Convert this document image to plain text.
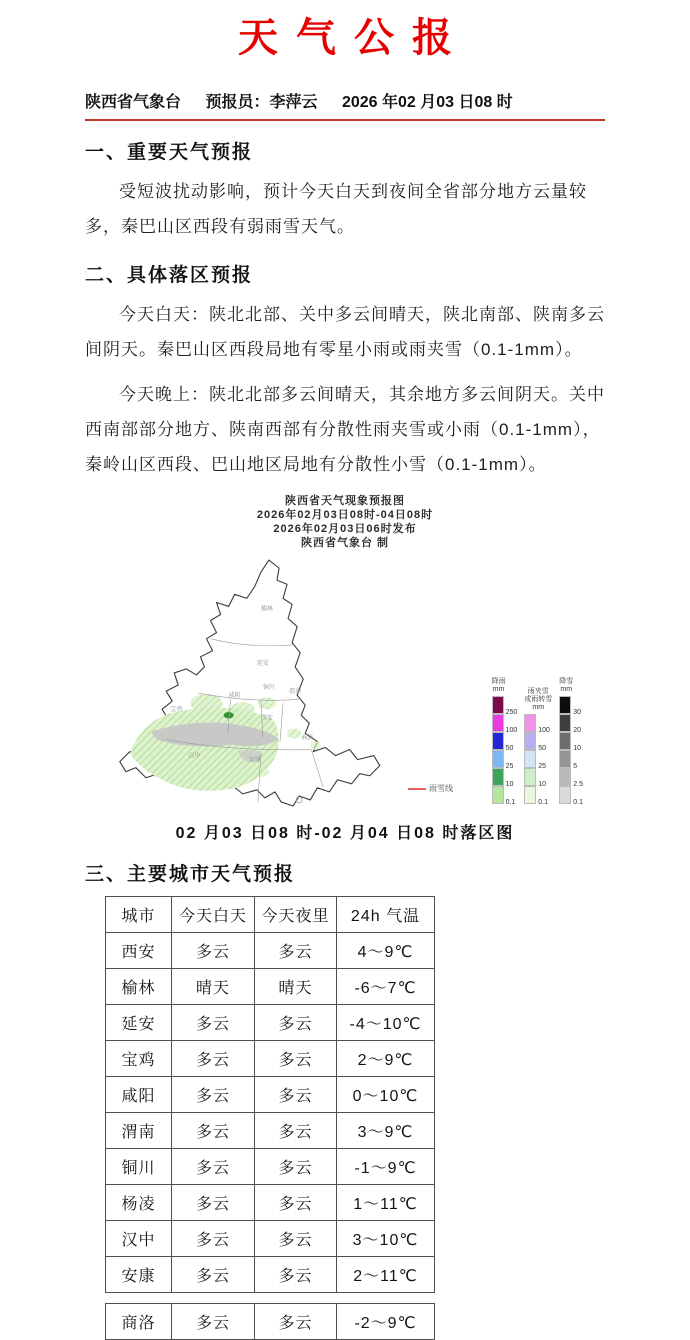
天气公报
陕西省气象台 预报员：李萍云 2026 年02 月03 日08 时
一、重要天气预报
受短波扰动影响，预计今天白天到夜间全省部分地方云量较多，秦巴山区西段有弱雨雪天气。
二、具体落区预报
今天白天：陕北北部、关中多云间晴天，陕北南部、陕南多云间阴天。秦巴山区西段局地有零星小雨或雨夹雪（0.1-1mm）。
今天晚上：陕北北部多云间晴天，其余地方多云间阴天。关中西南部部分地方、陕南西部有分散性雨夹雪或小雨（0.1-1mm），秦岭山区西段、巴山地区局地有分散性小雪（0.1-1mm）。
陕西省天气现象预报图
2026年02月03日08时-04日08时
2026年02月03日06时发布
陕西省气象台 制
榆林
延安
铜川
咸阳
渭南
西安
宝鸡
商洛
汉中
安康
降雨
mm
250
100
50
25
10
0.1
雨夹雪
或雨转雪
mm
100
50
25
10
0.1
降雪
mm
30
20
10
5
2.5
0.1
雨雪线
02 月03 日08 时-02 月04 日08 时落区图
三、主要城市天气预报
城市	今天白天	今天夜里	24h 气温
西安	多云	多云	4～9℃
榆林	晴天	晴天	-6～7℃
延安	多云	多云	-4～10℃
宝鸡	多云	多云	2～9℃
咸阳	多云	多云	0～10℃
渭南	多云	多云	3～9℃
铜川	多云	多云	-1～9℃
杨凌	多云	多云	1～11℃
汉中	多云	多云	3～10℃
安康	多云	多云	2～11℃
商洛	多云	多云	-2～9℃
